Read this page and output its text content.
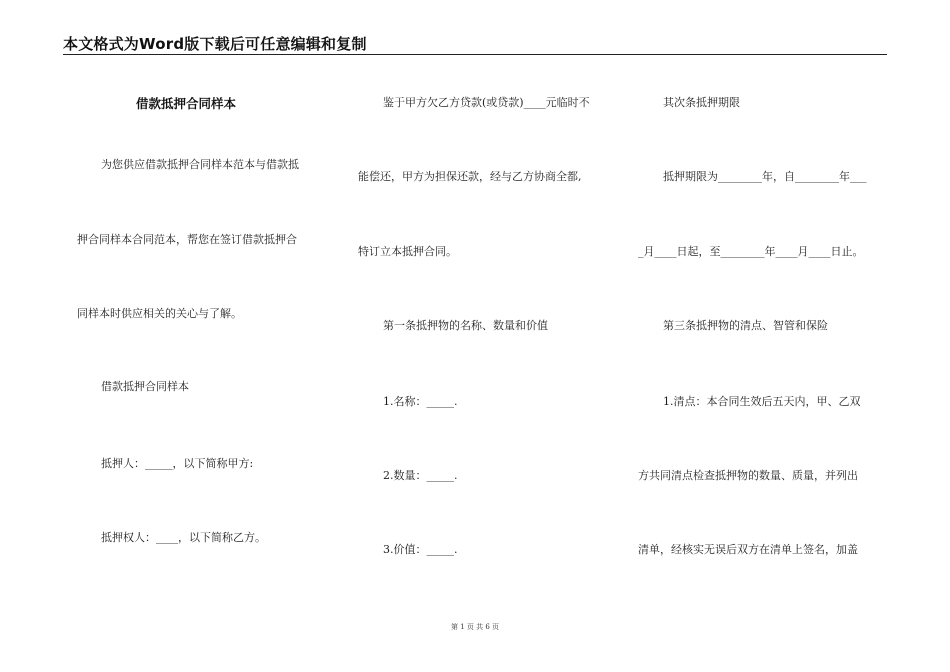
本文格式为Word版下载后可任意编辑和复制
借款抵押合同样本
为您供应借款抵押合同样本范本与借款抵
押合同样本合同范本，帮您在签订借款抵押合
同样本时供应相关的关心与了解。
借款抵押合同样本
抵押人：_____，以下简称甲方:
抵押权人：____，以下简称乙方。
鉴于甲方欠乙方贷款(或贷款)____元临时不
能偿还，甲方为担保还款，经与乙方协商全都,
特订立本抵押合同。
第一条抵押物的名称、数量和价值
1.名称：_____.
2.数量：_____.
3.价值：_____.
其次条抵押期限
抵押期限为________年，自________年___
_月____日起，至________年____月____日止。
第三条抵押物的清点、智管和保险
1.清点：本合同生效后五天内，甲、乙双
方共同清点检查抵押物的数量、质量，并列出
清单，经核实无误后双方在清单上签名，加盖
第 1 页 共 6 页
